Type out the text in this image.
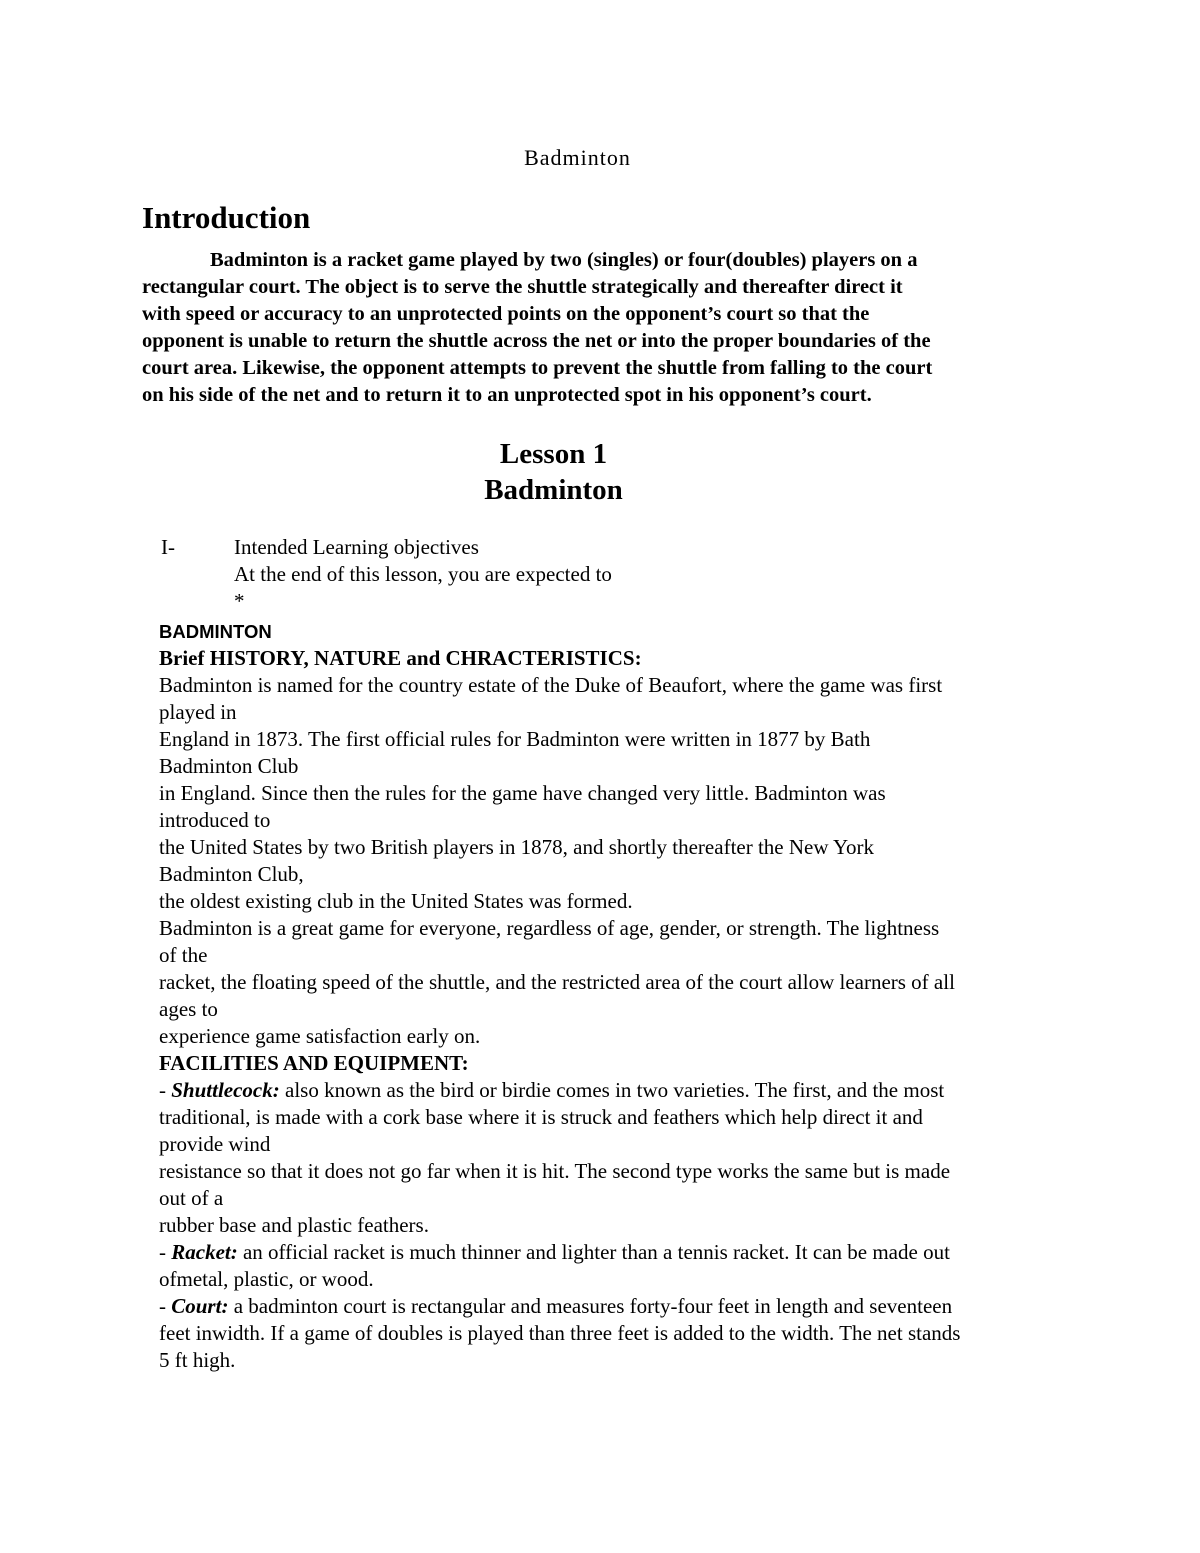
Badminton
Introduction

Badminton is a racket game played by two (singles) or four(doubles) players on a
rectangular court. The object is to serve the shuttle strategically and thereafter direct it
with speed or accuracy to an unprotected points on the opponent’s court so that the
opponent is unable to return the shuttle across the net or into the proper boundaries of the
court area. Likewise, the opponent attempts to prevent the shuttle from falling to the court
on his side of the net and to return it to an unprotected spot in his opponent’s court.

Lesson 1
Badminton
I-	Intended Learning objectives
At the end of this lesson, you are expected to
*
BADMINTON
Brief HISTORY, NATURE and CHRACTERISTICS:
Badminton is named for the country estate of the Duke of Beaufort, where the game was first
played in
England in 1873. The first official rules for Badminton were written in 1877 by Bath
Badminton Club
in England. Since then the rules for the game have changed very little. Badminton was
introduced to
the United States by two British players in 1878, and shortly thereafter the New York
Badminton Club,
the oldest existing club in the United States was formed.
Badminton is a great game for everyone, regardless of age, gender, or strength. The lightness
of the
racket, the floating speed of the shuttle, and the restricted area of the court allow learners of all
ages to
experience game satisfaction early on.
FACILITIES AND EQUIPMENT:
- Shuttlecock: also known as the bird or birdie comes in two varieties. The first, and the most
traditional, is made with a cork base where it is struck and feathers which help direct it and
provide wind
resistance so that it does not go far when it is hit. The second type works the same but is made
out of a
rubber base and plastic feathers.
- Racket: an official racket is much thinner and lighter than a tennis racket. It can be made out
ofmetal, plastic, or wood.
- Court: a badminton court is rectangular and measures forty-four feet in length and seventeen
feet inwidth. If a game of doubles is played than three feet is added to the width. The net stands
5 ft high.
